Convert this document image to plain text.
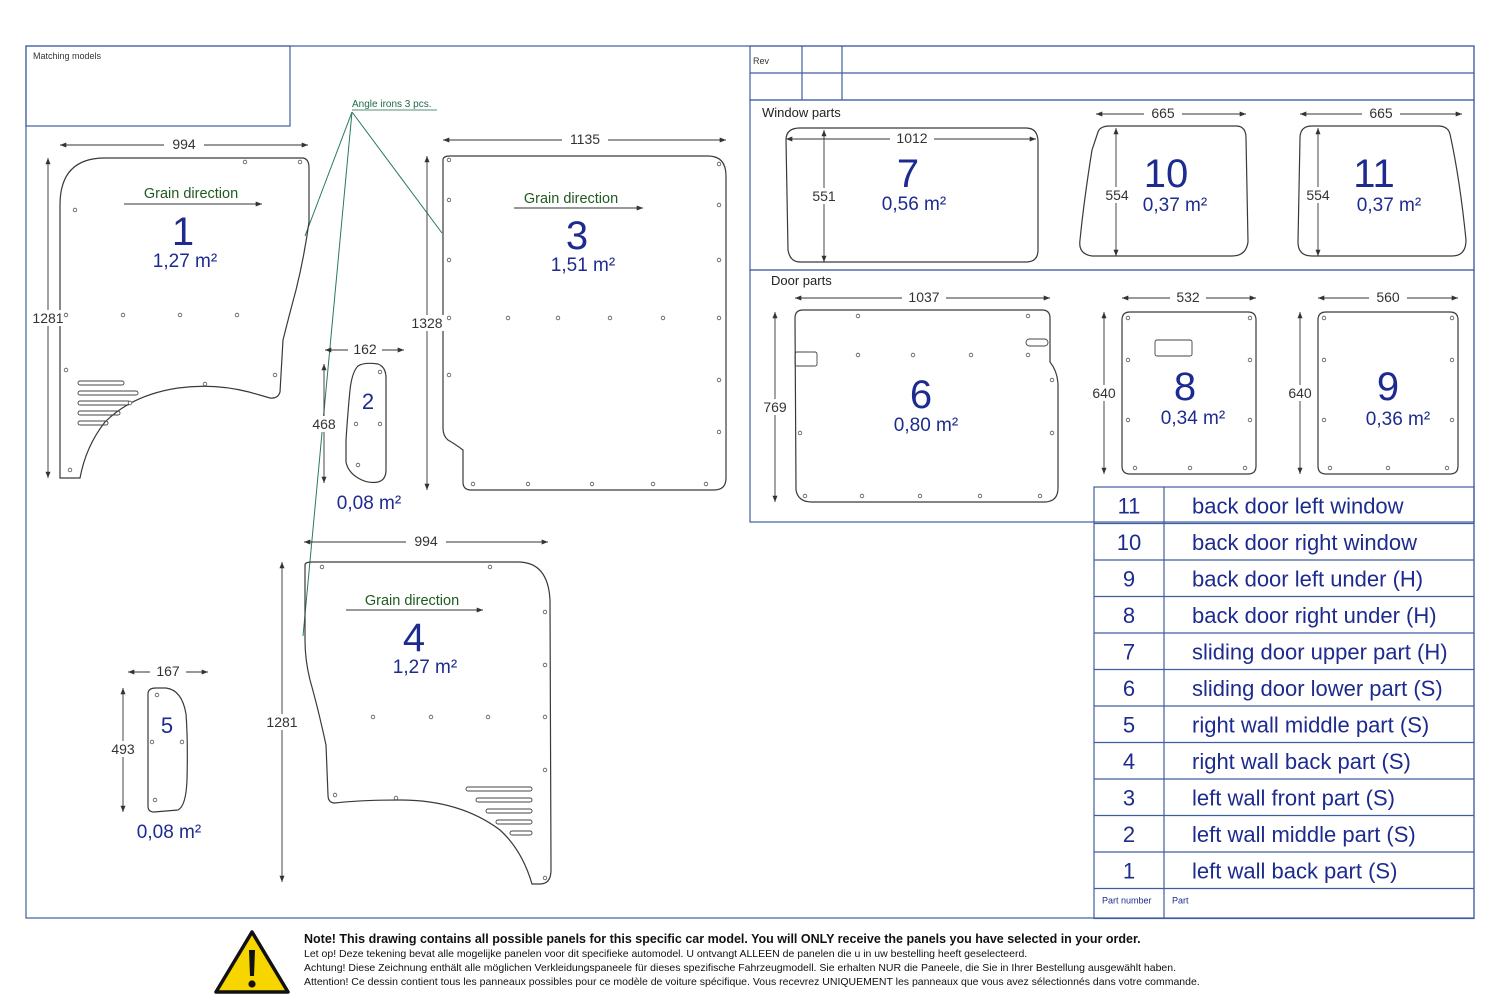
Matching models	Rev
Window parts
Door parts
Angle irons 3 pcs.
994
1281
Grain direction
1
1,27 m²
162
468
2
0,08 m²
1135
1328
Grain direction
3
1,51 m²
994
1281
Grain direction
4
1,27 m²
167
493
5
0,08 m²
1012
551 7
0,56 m²
665
554 10
0,37 m²
665
554 11
0,37 m²
1037
769	6
0,80 m²
532
640 8
0,34 m²
560
640 9
0,36 m²
11 back door left window
10 back door right window
9	back door left under (H)
8	back door right under (H)
7	sliding door upper part (H)
6	sliding door lower part (S)
5	right wall middle part (S)
4	right wall back part (S)
3	left wall front part (S)
2	left wall middle part (S)
1	left wall back part (S)
Part number Part
Note! This drawing contains all possible panels for this specific car model. You will ONLY receive the panels you have selected in your order.
Let op! Deze tekening bevat alle mogelijke panelen voor dit specifieke automodel. U ontvangt ALLEEN de panelen die u in uw bestelling heeft geselecteerd.
Achtung! Diese Zeichnung enthält alle möglichen Verkleidungspaneele für dieses spezifische Fahrzeugmodell. Sie erhalten NUR die Paneele, die Sie in Ihrer Bestellung ausgewählt haben.
Attention! Ce dessin contient tous les panneaux possibles pour ce modèle de voiture spécifique. Vous recevrez UNIQUEMENT les panneaux que vous avez sélectionnés dans votre commande.
